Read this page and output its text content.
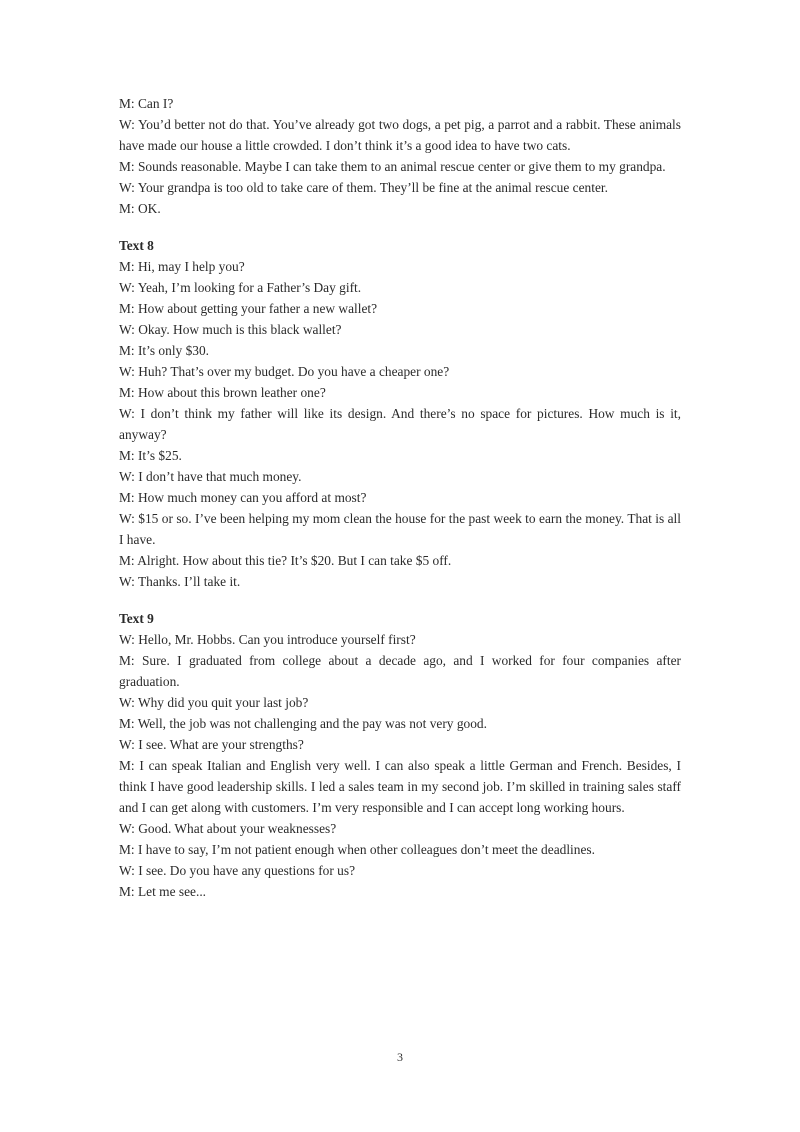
M: Can I?

W: You’d better not do that. You’ve already got two dogs, a pet pig, a parrot and a rabbit. These animals have made our house a little crowded. I don’t think it’s a good idea to have two cats.

M: Sounds reasonable. Maybe I can take them to an animal rescue center or give them to my grandpa.

W: Your grandpa is too old to take care of them. They’ll be fine at the animal rescue center.

M: OK.

Text 8

M: Hi, may I help you?

W: Yeah, I’m looking for a Father’s Day gift.

M: How about getting your father a new wallet?

W: Okay. How much is this black wallet?

M: It’s only $30.

W: Huh? That’s over my budget. Do you have a cheaper one?

M: How about this brown leather one?

W: I don’t think my father will like its design. And there’s no space for pictures. How much is it, anyway?

M: It’s $25.

W: I don’t have that much money.

M: How much money can you afford at most?

W: $15 or so. I’ve been helping my mom clean the house for the past week to earn the money. That is all I have.

M: Alright. How about this tie? It’s $20. But I can take $5 off.

W: Thanks. I’ll take it.

Text 9

W: Hello, Mr. Hobbs. Can you introduce yourself first?

M: Sure. I graduated from college about a decade ago, and I worked for four companies after graduation.

W: Why did you quit your last job?

M: Well, the job was not challenging and the pay was not very good.

W: I see. What are your strengths?

M: I can speak Italian and English very well. I can also speak a little German and French. Besides, I think I have good leadership skills. I led a sales team in my second job. I’m skilled in training sales staff and I can get along with customers. I’m very responsible and I can accept long working hours.

W: Good. What about your weaknesses?

M: I have to say, I’m not patient enough when other colleagues don’t meet the deadlines.

W: I see. Do you have any questions for us?

M: Let me see...

3
